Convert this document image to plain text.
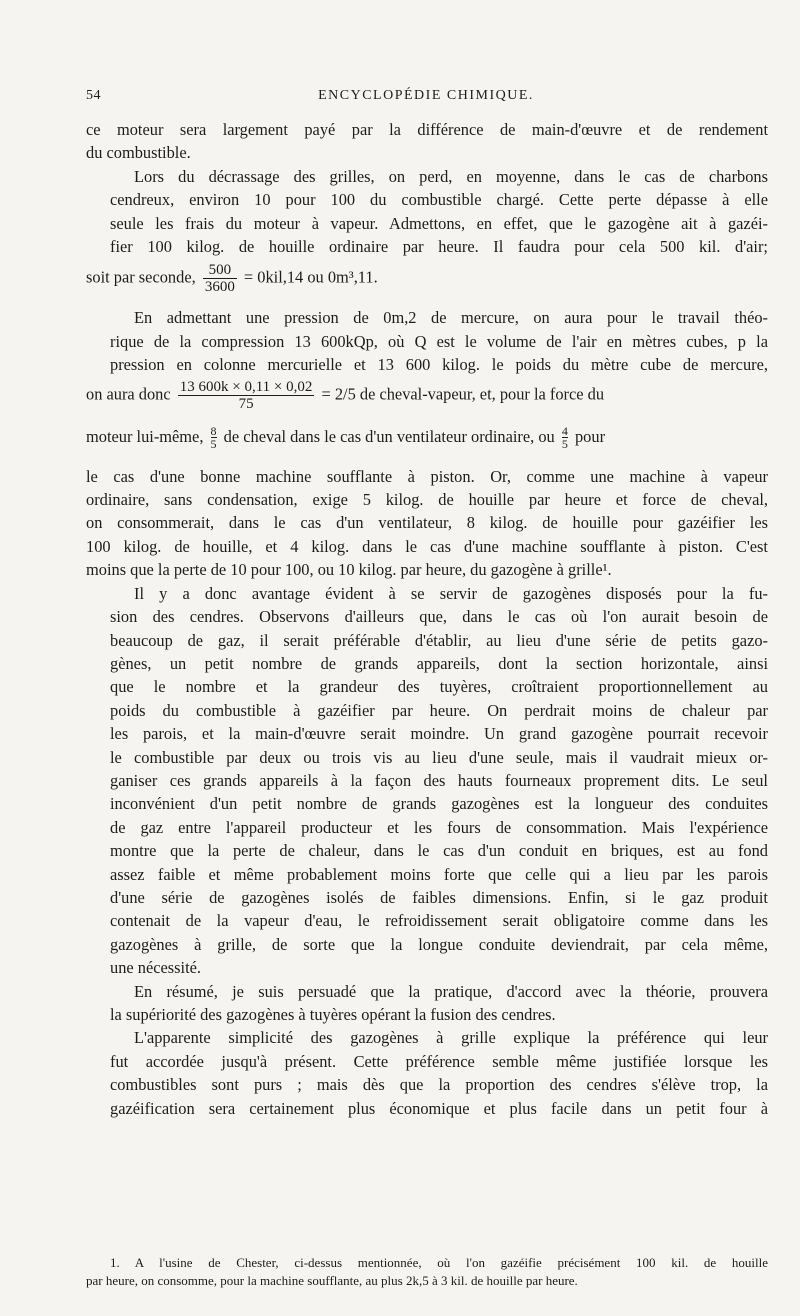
54	ENCYCLOPÉDIE CHIMIQUE.

ce moteur sera largement payé par la différence de main-d'œuvre et de rendement
du combustible.

Lors du décrassage des grilles, on perd, en moyenne, dans le cas de charbons
cendreux, environ 10 pour 100 du combustible chargé. Cette perte dépasse à elle
seule les frais du moteur à vapeur. Admettons, en effet, que le gazogène ait à gazéi-
fier 100 kilog. de houille ordinaire par heure. Il faudra pour cela 500 kil. d'air;

soit par seconde, $\frac{500}{3600} = 0kil,14$ ou 0m³,11.

En admettant une pression de 0m,2 de mercure, on aura pour le travail théo-
rique de la compression 13 600kQp, où Q est le volume de l'air en mètres cubes, p la
pression en colonne mercurielle et 13 600 kilog. le poids du mètre cube de mercure,

on aura donc $\frac{13 600k \times 0,11 \times 0,02}{75} = 2/5$ de cheval-vapeur, et, pour la force du
moteur lui-même, $\frac{8}{5}$ de cheval dans le cas d'un ventilateur ordinaire, ou $\frac{4}{5}$ pour

le cas d'une bonne machine soufflante à piston. Or, comme une machine à vapeur
ordinaire, sans condensation, exige 5 kilog. de houille par heure et force de cheval,
on consommerait, dans le cas d'un ventilateur, 8 kilog. de houille pour gazéifier les
100 kilog. de houille, et 4 kilog. dans le cas d'une machine soufflante à piston. C'est
moins que la perte de 10 pour 100, ou 10 kilog. par heure, du gazogène à grille¹.

Il y a donc avantage évident à se servir de gazogènes disposés pour la fu-
sion des cendres. Observons d'ailleurs que, dans le cas où l'on aurait besoin de
beaucoup de gaz, il serait préférable d'établir, au lieu d'une série de petits gazo-
gènes, un petit nombre de grands appareils, dont la section horizontale, ainsi
que le nombre et la grandeur des tuyères, croîtraient proportionnellement au
poids du combustible à gazéifier par heure. On perdrait moins de chaleur par
les parois, et la main-d'œuvre serait moindre. Un grand gazogène pourrait recevoir
le combustible par deux ou trois vis au lieu d'une seule, mais il vaudrait mieux or-
ganiser ces grands appareils à la façon des hauts fourneaux proprement dits. Le seul
inconvénient d'un petit nombre de grands gazogènes est la longueur des conduites
de gaz entre l'appareil producteur et les fours de consommation. Mais l'expérience
montre que la perte de chaleur, dans le cas d'un conduit en briques, est au fond
assez faible et même probablement moins forte que celle qui a lieu par les parois
d'une série de gazogènes isolés de faibles dimensions. Enfin, si le gaz produit
contenait de la vapeur d'eau, le refroidissement serait obligatoire comme dans les
gazogènes à grille, de sorte que la longue conduite deviendrait, par cela même,
une nécessité.

En résumé, je suis persuadé que la pratique, d'accord avec la théorie, prouvera
la supériorité des gazogènes à tuyères opérant la fusion des cendres.

L'apparente simplicité des gazogènes à grille explique la préférence qui leur
fut accordée jusqu'à présent. Cette préférence semble même justifiée lorsque les
combustibles sont purs ; mais dès que la proportion des cendres s'élève trop, la
gazéification sera certainement plus économique et plus facile dans un petit four à

1. A l'usine de Chester, ci-dessus mentionnée, où l'on gazéifie précisément 100 kil. de houille
par heure, on consomme, pour la machine soufflante, au plus 2k,5 à 3 kil. de houille par heure.
